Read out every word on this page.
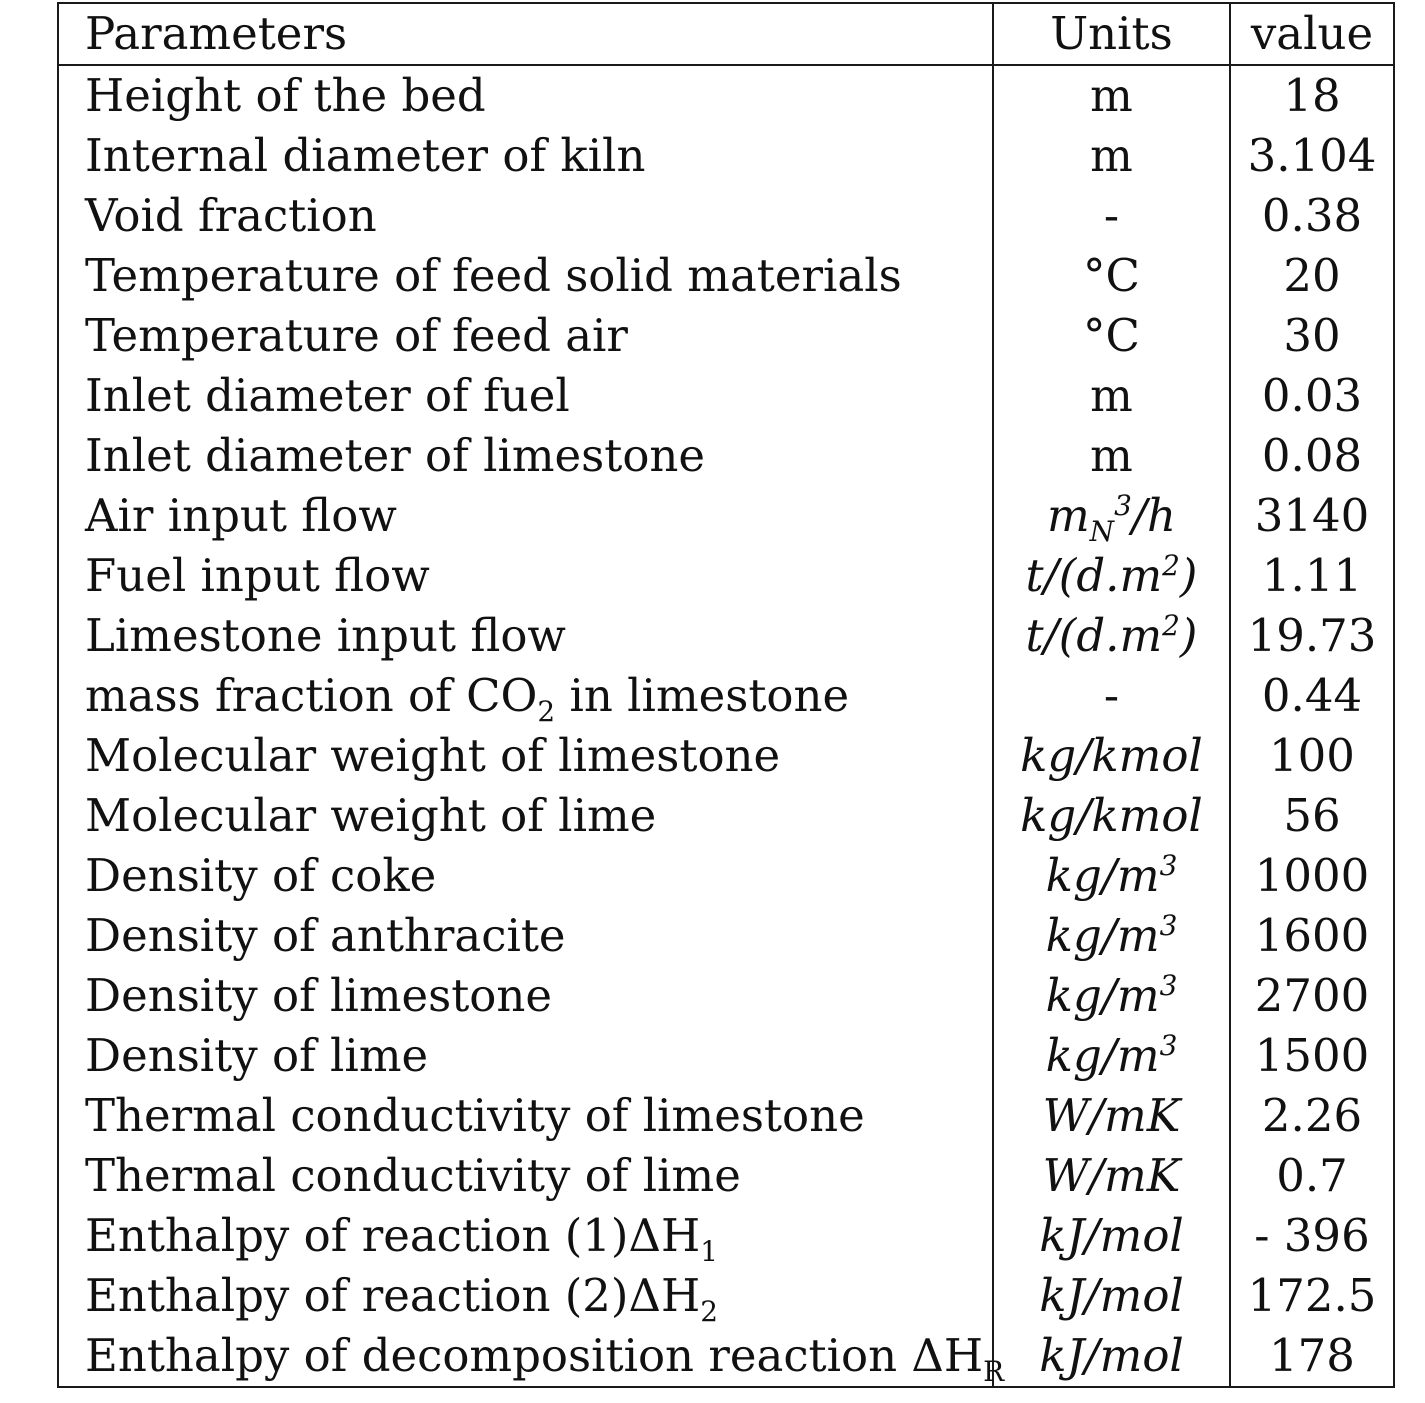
Parameters	Units	value
Height of the bed	m	18
Internal diameter of kiln	m	3.104
Void fraction	-	0.38
Temperature of feed solid materials	°C	20
Temperature of feed air	°C	30
Inlet diameter of fuel	m	0.03
Inlet diameter of limestone	m	0.08
Air input flow	$m_N^3/h$	3140
Fuel input flow	$t/(d.m^2)$	1.11
Limestone input flow	$t/(d.m^2)$	19.73
mass fraction of $CO_2$ in limestone	-	0.44
Molecular weight of limestone	kg/kmol	100
Molecular weight of lime	kg/kmol	56
Density of coke	$kg/m^3$	1000
Density of anthracite	$kg/m^3$	1600
Density of limestone	$kg/m^3$	2700
Density of lime	$kg/m^3$	1500
Thermal conductivity of limestone	W/mK	2.26
Thermal conductivity of lime	W/mK	0.7
Enthalpy of reaction $(1)\Delta H_1$	kJ/mol	- 396
Enthalpy of reaction $(2)\Delta H_2$	kJ/mol	172.5
Enthalpy of decomposition reaction $\Delta H_R$	kJ/mol	178
